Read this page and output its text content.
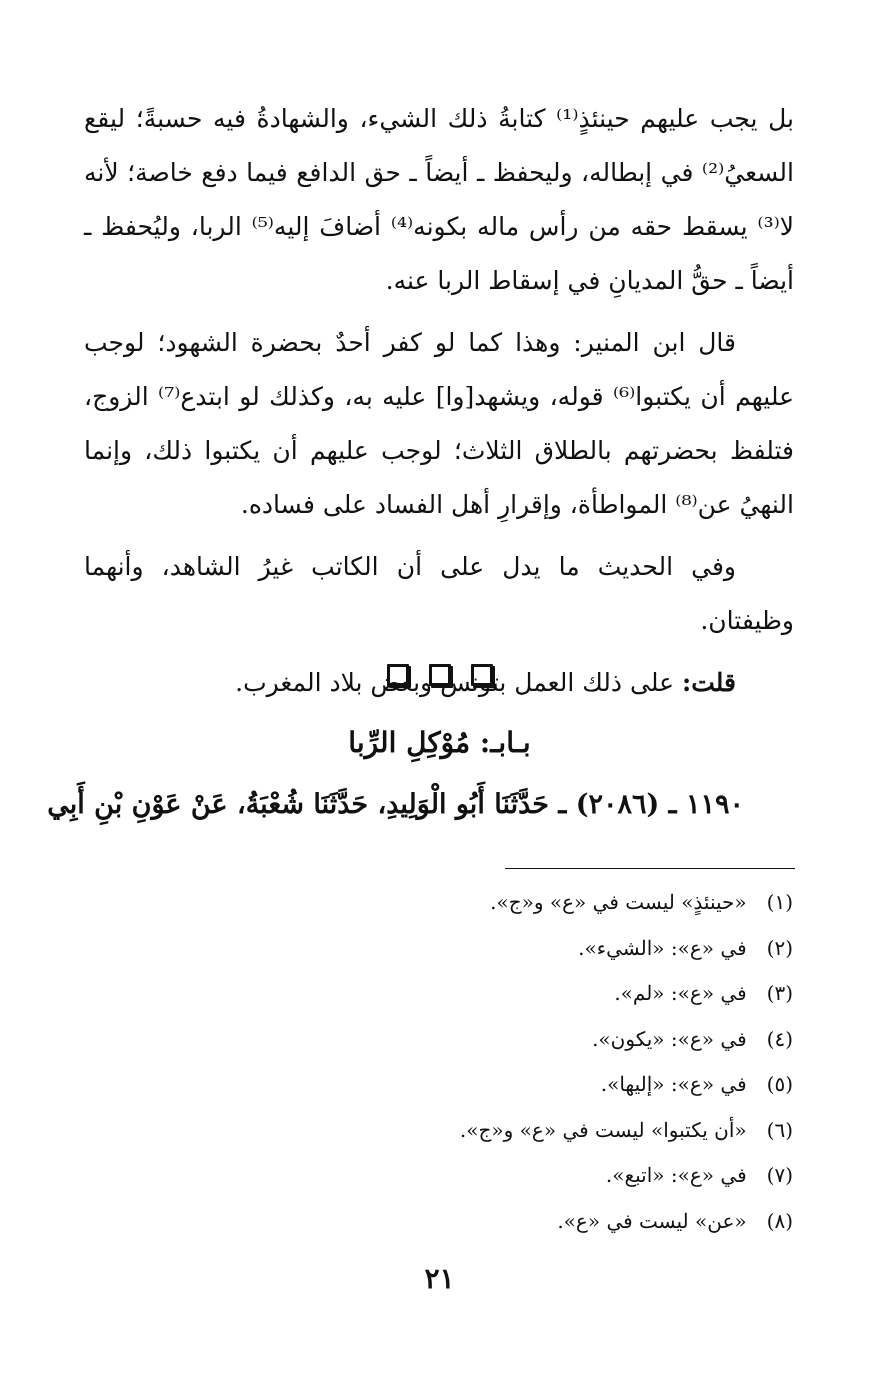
بل يجب عليهم حينئذٍ⁽¹⁾ كتابةُ ذلك الشيء، والشهادةُ فيه حسبةً؛ ليقع السعيُ⁽²⁾ في إبطاله، وليحفظ ـ أيضاً ـ حق الدافع فيما دفع خاصة؛ لأنه لا⁽³⁾ يسقط حقه من رأس ماله بكونه⁽⁴⁾ أضافَ إليه⁽⁵⁾ الربا، وليُحفظ ـ أيضاً ـ حقُّ المديانِ في إسقاط الربا عنه.

قال ابن المنير: وهذا كما لو كفر أحدٌ بحضرة الشهود؛ لوجب عليهم أن يكتبوا⁽⁶⁾ قوله، ويشهد[وا] عليه به، وكذلك لو ابتدع⁽⁷⁾ الزوج، فتلفظ بحضرتهم بالطلاق الثلاث؛ لوجب عليهم أن يكتبوا ذلك، وإنما النهيُ عن⁽⁸⁾ المواطأة، وإقرارِ أهل الفساد على فساده.

وفي الحديث ما يدل على أن الكاتب غيرُ الشاهد، وأنهما وظيفتان.

قلت: على ذلك العمل بتونس وبعض بلاد المغرب.

بـابـ: مُوْكِلِ الرِّبا
١١٩٠ ـ (٢٠٨٦) ـ حَدَّثَنَا أَبُو الْوَلِيدِ، حَدَّثَنَا شُعْبَةُ، عَنْ عَوْنِ بْنِ أَبِي
(١) «حينئذٍ» ليست في «ع» و«ج».
(٢) في «ع»: «الشيء».
(٣) في «ع»: «لم».
(٤) في «ع»: «يكون».
(٥) في «ع»: «إليها».
(٦) «أن يكتبوا» ليست في «ع» و«ج».
(٧) في «ع»: «اتبع».
(٨) «عن» ليست في «ع».
٢١
